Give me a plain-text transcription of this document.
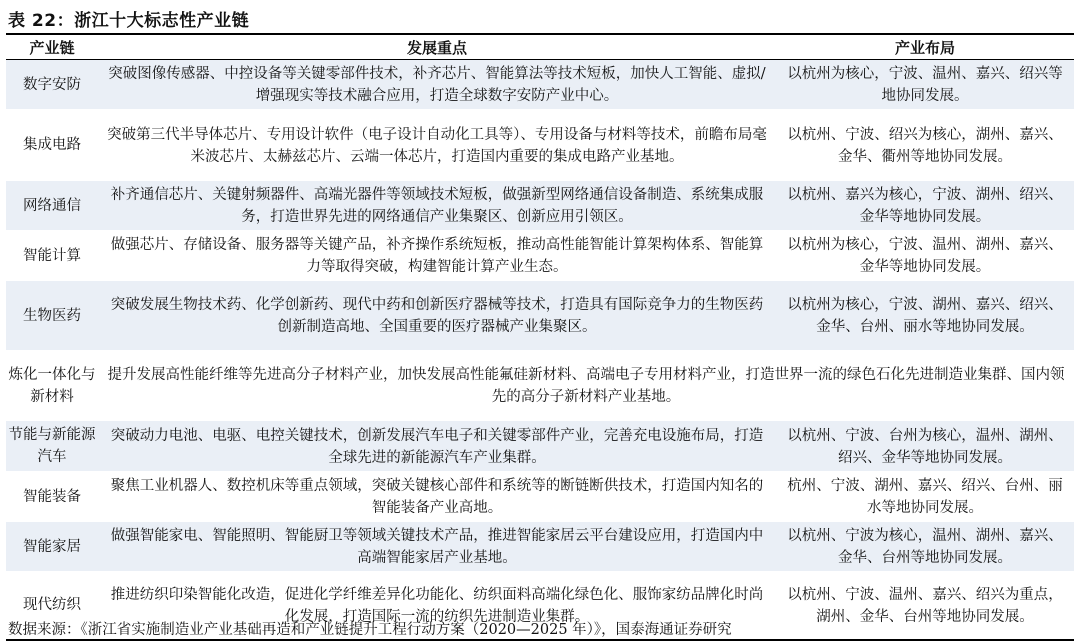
表 22：浙江十大标志性产业链
产业链	发展重点	产业布局
数字安防	突破图像传感器、中控设备等关键零部件技术，补齐芯片、智能算法等技术短板，加快人工智能、虚拟/增强现实等技术融合应用，打造全球数字安防产业中心。	以杭州为核心，宁波、温州、嘉兴、绍兴等地协同发展。
集成电路	突破第三代半导体芯片、专用设计软件（电子设计自动化工具等）、专用设备与材料等技术，前瞻布局毫米波芯片、太赫兹芯片、云端一体芯片，打造国内重要的集成电路产业基地。	以杭州、宁波、绍兴为核心，湖州、嘉兴、金华、衢州等地协同发展。
网络通信	补齐通信芯片、关键射频器件、高端光器件等领域技术短板，做强新型网络通信设备制造、系统集成服务，打造世界先进的网络通信产业集聚区、创新应用引领区。	以杭州、嘉兴为核心，宁波、湖州、绍兴、金华等地协同发展。
智能计算	做强芯片、存储设备、服务器等关键产品，补齐操作系统短板，推动高性能智能计算架构体系、智能算力等取得突破，构建智能计算产业生态。	以杭州为核心，宁波、温州、湖州、嘉兴、金华等地协同发展。
生物医药	突破发展生物技术药、化学创新药、现代中药和创新医疗器械等技术，打造具有国际竞争力的生物医药创新制造高地、全国重要的医疗器械产业集聚区。	以杭州为核心，宁波、湖州、嘉兴、绍兴、金华、台州、丽水等地协同发展。
炼化一体化与新材料	提升发展高性能纤维等先进高分子材料产业，加快发展高性能氟硅新材料、高端电子专用材料产业，打造世界一流的绿色石化先进制造业集群、国内领先的高分子新材料产业基地。	
节能与新能源汽车	突破动力电池、电驱、电控关键技术，创新发展汽车电子和关键零部件产业，完善充电设施布局，打造全球先进的新能源汽车产业集群。	以杭州、宁波、台州为核心，温州、湖州、绍兴、金华等地协同发展。
智能装备	聚焦工业机器人、数控机床等重点领域，突破关键核心部件和系统等的断链断供技术，打造国内知名的智能装备产业高地。	杭州、宁波、湖州、嘉兴、绍兴、台州、丽水等地协同发展。
智能家居	做强智能家电、智能照明、智能厨卫等领域关键技术产品，推进智能家居云平台建设应用，打造国内中高端智能家居产业基地。	以杭州、宁波为核心，温州、湖州、嘉兴、金华、台州等地协同发展。
现代纺织	推进纺织印染智能化改造，促进化学纤维差异化功能化、纺织面料高端化绿色化、服饰家纺品牌化时尚化发展，打造国际一流的纺织先进制造业集群。	以杭州、宁波、温州、嘉兴、绍兴为重点，湖州、金华、台州等地协同发展。
数据来源：《浙江省实施制造业产业基础再造和产业链提升工程行动方案（2020—2025 年）》，国泰海通证券研究
